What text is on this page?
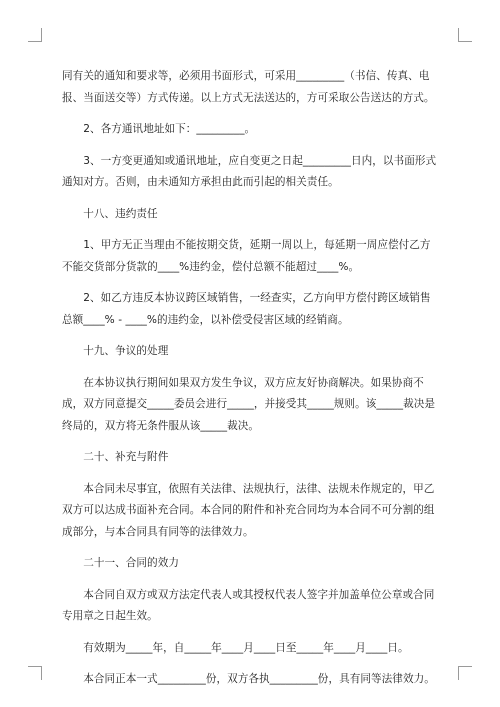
同有关的通知和要求等，必须用书面形式，可采用_________（书信、传真、电报、当面送交等）方式传递。以上方式无法送达的，方可采取公告送达的方式。

2、各方通讯地址如下：_________。

3、一方变更通知或通讯地址，应自变更之日起_________日内，以书面形式通知对方。否则，由未通知方承担由此而引起的相关责任。

十八、违约责任

1、甲方无正当理由不能按期交货，延期一周以上，每延期一周应偿付乙方不能交货部分货款的____%违约金，偿付总额不能超过____%。

2、如乙方违反本协议跨区域销售，一经查实，乙方向甲方偿付跨区域销售总额____% - ____%的违约金，以补偿受侵害区域的经销商。

十九、争议的处理

在本协议执行期间如果双方发生争议，双方应友好协商解决。如果协商不成，双方同意提交_____委员会进行_____，并接受其_____规则。该_____裁决是终局的，双方将无条件服从该_____裁决。

二十、补充与附件

本合同未尽事宜，依照有关法律、法规执行，法律、法规未作规定的，甲乙双方可以达成书面补充合同。本合同的附件和补充合同均为本合同不可分割的组成部分，与本合同具有同等的法律效力。

二十一、合同的效力

本合同自双方或双方法定代表人或其授权代表人签字并加盖单位公章或合同专用章之日起生效。

有效期为_____年，自_____年____月____日至_____年____月____日。

本合同正本一式_________份，双方各执_________份，具有同等法律效力。
